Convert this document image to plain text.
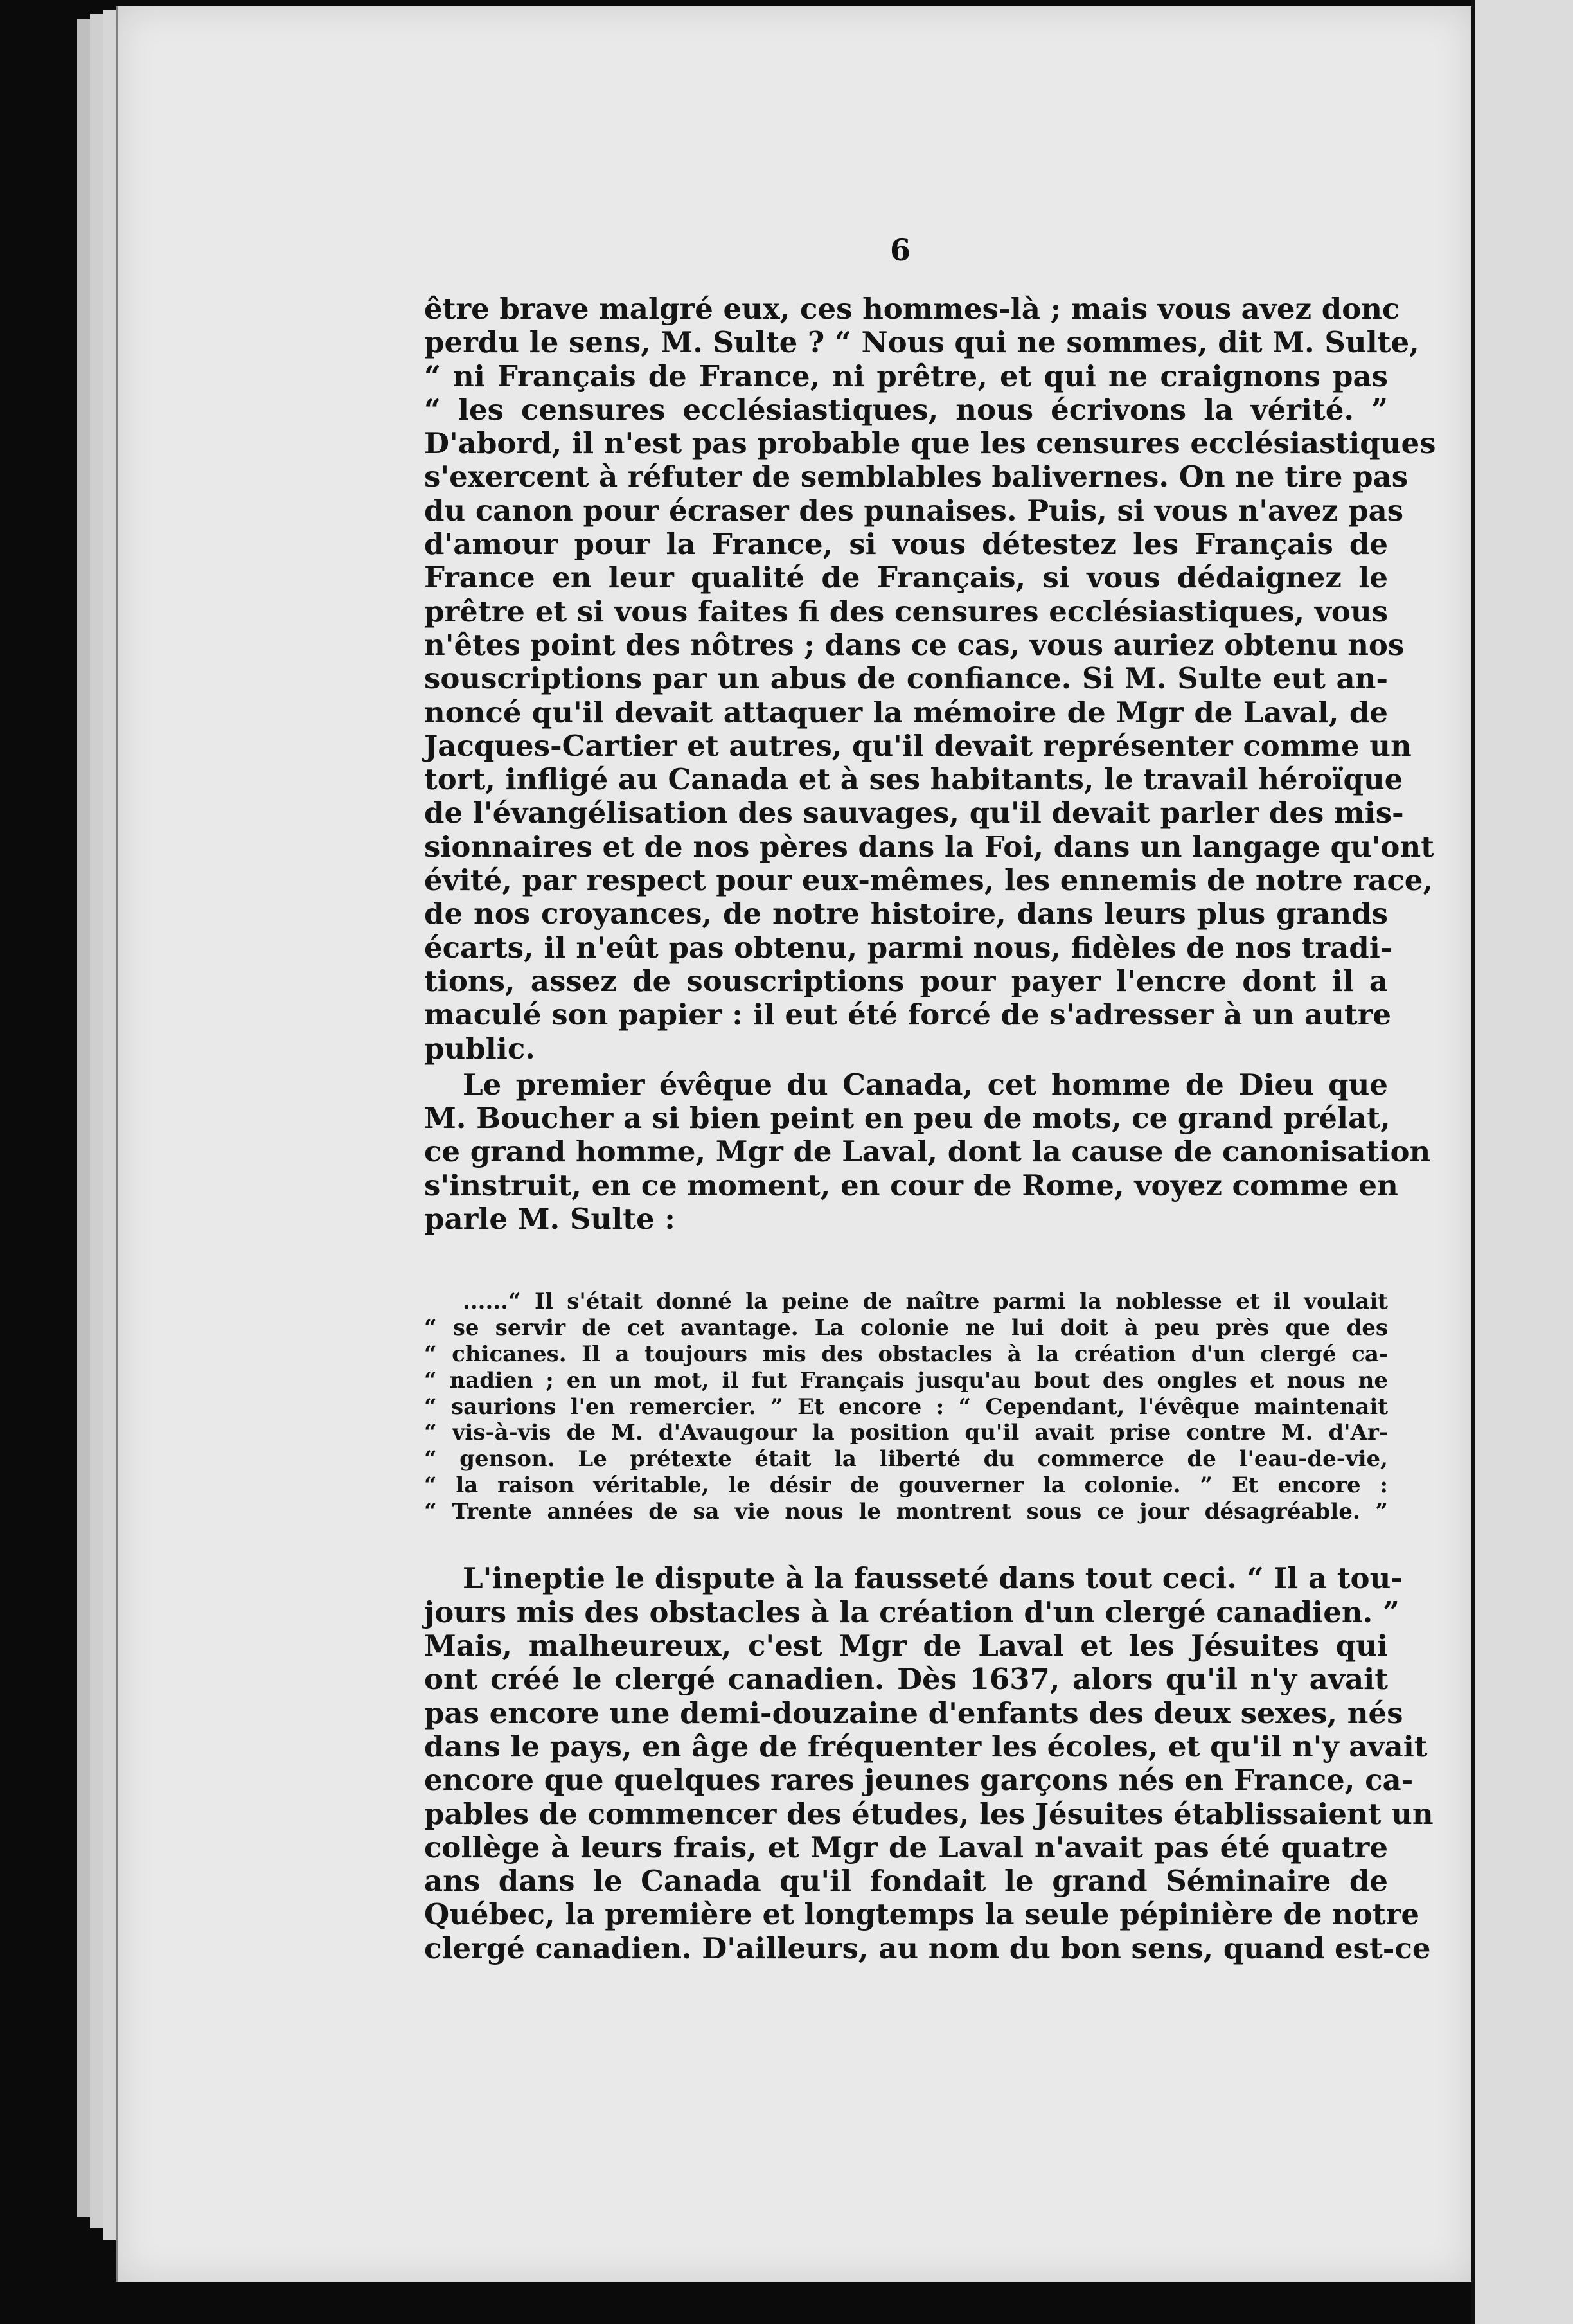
6

être brave malgré eux, ces hommes-là ; mais vous avez donc
perdu le sens, M. Sulte ? “ Nous qui ne sommes, dit M. Sulte,
“ ni Français de France, ni prêtre, et qui ne craignons pas
“ les censures ecclésiastiques, nous écrivons la vérité. ”
D'abord, il n'est pas probable que les censures ecclésiastiques
s'exercent à réfuter de semblables balivernes. On ne tire pas
du canon pour écraser des punaises. Puis, si vous n'avez pas
d'amour pour la France, si vous détestez les Français de
France en leur qualité de Français, si vous dédaignez le
prêtre et si vous faites fi des censures ecclésiastiques, vous
n'êtes point des nôtres ; dans ce cas, vous auriez obtenu nos
souscriptions par un abus de confiance. Si M. Sulte eut an-
noncé qu'il devait attaquer la mémoire de Mgr de Laval, de
Jacques-Cartier et autres, qu'il devait représenter comme un
tort, infligé au Canada et à ses habitants, le travail héroïque
de l'évangélisation des sauvages, qu'il devait parler des mis-
sionnaires et de nos pères dans la Foi, dans un langage qu'ont
évité, par respect pour eux-mêmes, les ennemis de notre race,
de nos croyances, de notre histoire, dans leurs plus grands
écarts, il n'eût pas obtenu, parmi nous, fidèles de nos tradi-
tions, assez de souscriptions pour payer l'encre dont il a
maculé son papier : il eut été forcé de s'adresser à un autre
public.

Le premier évêque du Canada, cet homme de Dieu que
M. Boucher a si bien peint en peu de mots, ce grand prélat,
ce grand homme, Mgr de Laval, dont la cause de canonisation
s'instruit, en ce moment, en cour de Rome, voyez comme en
parle M. Sulte :

......“ Il s'était donné la peine de naître parmi la noblesse et il voulait
“ se servir de cet avantage. La colonie ne lui doit à peu près que des
“ chicanes. Il a toujours mis des obstacles à la création d'un clergé ca-
“ nadien ; en un mot, il fut Français jusqu'au bout des ongles et nous ne
“ saurions l'en remercier. ” Et encore : “ Cependant, l'évêque maintenait
“ vis-à-vis de M. d'Avaugour la position qu'il avait prise contre M. d'Ar-
“ genson. Le prétexte était la liberté du commerce de l'eau-de-vie,
“ la raison véritable, le désir de gouverner la colonie. ” Et encore :
“ Trente années de sa vie nous le montrent sous ce jour désagréable. ”

L'ineptie le dispute à la fausseté dans tout ceci. “ Il a tou-
jours mis des obstacles à la création d'un clergé canadien. ”
Mais, malheureux, c'est Mgr de Laval et les Jésuites qui
ont créé le clergé canadien. Dès 1637, alors qu'il n'y avait
pas encore une demi-douzaine d'enfants des deux sexes, nés
dans le pays, en âge de fréquenter les écoles, et qu'il n'y avait
encore que quelques rares jeunes garçons nés en France, ca-
pables de commencer des études, les Jésuites établissaient un
collège à leurs frais, et Mgr de Laval n'avait pas été quatre
ans dans le Canada qu'il fondait le grand Séminaire de
Québec, la première et longtemps la seule pépinière de notre
clergé canadien. D'ailleurs, au nom du bon sens, quand est-ce
